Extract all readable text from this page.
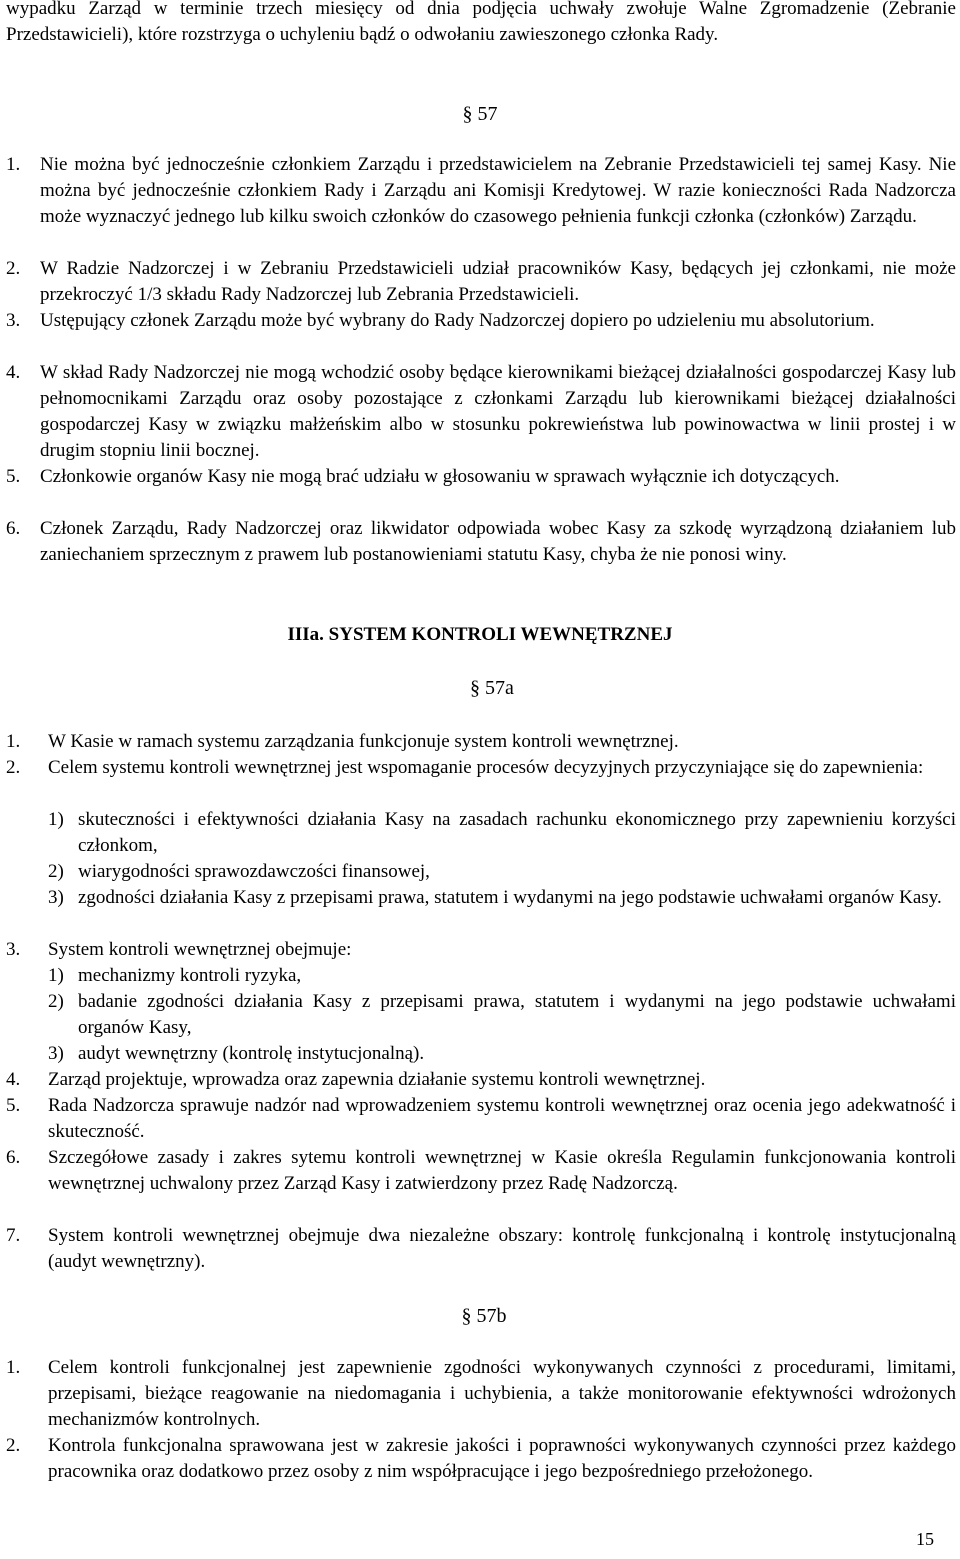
wypadku Zarząd w terminie trzech miesięcy od dnia podjęcia uchwały zwołuje Walne Zgromadzenie (Zebranie Przedstawicieli), które rozstrzyga o uchyleniu bądź o odwołaniu zawieszonego członka Rady.
§ 57
1. Nie można być jednocześnie członkiem Zarządu i przedstawicielem na Zebranie Przedstawicieli tej samej Kasy. Nie można być jednocześnie członkiem Rady i Zarządu ani Komisji Kredytowej. W razie konieczności Rada Nadzorcza może wyznaczyć jednego lub kilku swoich członków do czasowego pełnienia funkcji członka (członków) Zarządu.
2. W Radzie Nadzorczej i w Zebraniu Przedstawicieli udział pracowników Kasy, będących jej członkami, nie może przekroczyć 1/3 składu Rady Nadzorczej lub Zebrania Przedstawicieli.
3. Ustępujący członek Zarządu może być wybrany do Rady Nadzorczej dopiero po udzieleniu mu absolutorium.
4. W skład Rady Nadzorczej nie mogą wchodzić osoby będące kierownikami bieżącej działalności gospodarczej Kasy lub pełnomocnikami Zarządu oraz osoby pozostające z członkami Zarządu lub kierownikami bieżącej działalności gospodarczej Kasy w związku małżeńskim albo w stosunku pokrewieństwa lub powinowactwa w linii prostej i w drugim stopniu linii bocznej.
5. Członkowie organów Kasy nie mogą brać udziału w głosowaniu w sprawach wyłącznie ich dotyczących.
6. Członek Zarządu, Rady Nadzorczej oraz likwidator odpowiada wobec Kasy za szkodę wyrządzoną działaniem lub zaniechaniem sprzecznym z prawem lub postanowieniami statutu Kasy, chyba że nie ponosi winy.
IIIa. SYSTEM KONTROLI WEWNĘTRZNEJ
§ 57a
1. W Kasie w ramach systemu zarządzania funkcjonuje system kontroli wewnętrznej.
2. Celem systemu kontroli wewnętrznej jest wspomaganie procesów decyzyjnych przyczyniające się do zapewnienia:
1) skuteczności i efektywności działania Kasy na zasadach rachunku ekonomicznego przy zapewnieniu korzyści członkom,
2) wiarygodności sprawozdawczości finansowej,
3) zgodności działania Kasy z przepisami prawa, statutem i wydanymi na jego podstawie uchwałami organów Kasy.
3. System kontroli wewnętrznej obejmuje:
1) mechanizmy kontroli ryzyka,
2) badanie zgodności działania Kasy z przepisami prawa, statutem i wydanymi na jego podstawie uchwałami organów Kasy,
3) audyt wewnętrzny (kontrolę instytucjonalną).
4. Zarząd projektuje, wprowadza oraz zapewnia działanie systemu kontroli wewnętrznej.
5. Rada Nadzorcza sprawuje nadzór nad wprowadzeniem systemu kontroli wewnętrznej oraz ocenia jego adekwatność i skuteczność.
6. Szczegółowe zasady i zakres sytemu kontroli wewnętrznej w Kasie określa Regulamin funkcjonowania kontroli wewnętrznej uchwalony przez Zarząd Kasy i zatwierdzony przez Radę Nadzorczą.
7. System kontroli wewnętrznej obejmuje dwa niezależne obszary: kontrolę funkcjonalną i kontrolę instytucjonalną (audyt wewnętrzny).
§ 57b
1. Celem kontroli funkcjonalnej jest zapewnienie zgodności wykonywanych czynności z procedurami, limitami, przepisami, bieżące reagowanie na niedomagania i uchybienia, a także monitorowanie efektywności wdrożonych mechanizmów kontrolnych.
2. Kontrola funkcjonalna sprawowana jest w zakresie jakości i poprawności wykonywanych czynności przez każdego pracownika oraz dodatkowo przez osoby z nim współpracujące i jego bezpośredniego przełożonego.
15
